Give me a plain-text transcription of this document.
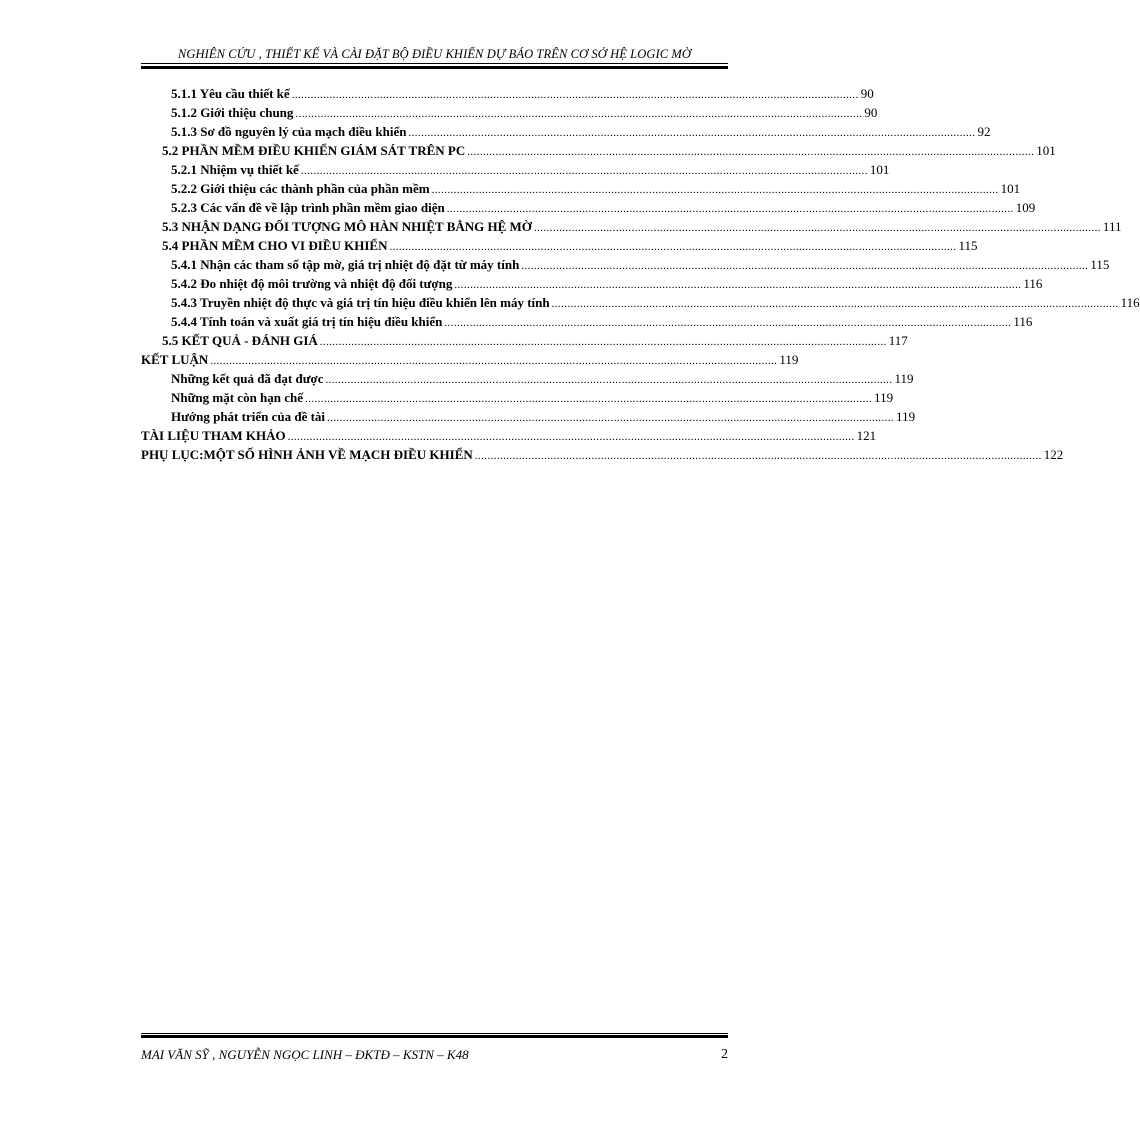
NGHIÊN CỨU , THIẾT KẾ VÀ CÀI ĐẶT BỘ ĐIỀU KHIỂN DỰ BÁO TRÊN CƠ SỞ HỆ LOGIC MỜ
5.1.1 Yêu cầu thiết kế .................................................................................................................................................................................... 90
5.1.2 Giới thiệu chung .................................................................................................................................................................................... 90
5.1.3 Sơ đồ nguyên lý của mạch điều khiển .................................................................................................................................................................................... 92
5.2 PHẦN MỀM ĐIỀU KHIỂN GIÁM SÁT TRÊN PC .................................................................................................................................................................................... 101
5.2.1 Nhiệm vụ thiết kế .................................................................................................................................................................................... 101
5.2.2 Giới thiệu các thành phần của phần mềm .................................................................................................................................................................................... 101
5.2.3 Các vấn đề về lập trình phần mềm giao diện .................................................................................................................................................................................... 109
5.3 NHẬN DẠNG ĐỐI TƯỢNG MÔ HÀN NHIỆT BẰNG HỆ MỜ .................................................................................................................................................................................... 111
5.4 PHẦN MỀM CHO VI ĐIỀU KHIỂN .................................................................................................................................................................................... 115
5.4.1 Nhận các tham số tập mờ, giá trị nhiệt độ đặt từ máy tính .................................................................................................................................................................................... 115
5.4.2 Đo nhiệt độ môi trường và nhiệt độ đối tượng .................................................................................................................................................................................... 116
5.4.3 Truyền nhiệt độ thực và giá trị tín hiệu điều khiển lên máy tính .................................................................................................................................................................................... 116
5.4.4 Tính toán và xuất giá trị tín hiệu điều khiển .................................................................................................................................................................................... 116
5.5 KẾT QUẢ - ĐÁNH GIÁ .................................................................................................................................................................................... 117
KẾT LUẬN .................................................................................................................................................................................... 119
Những kết quả đã đạt được .................................................................................................................................................................................... 119
Những mặt còn hạn chế .................................................................................................................................................................................... 119
Hướng phát triển của đề tài .................................................................................................................................................................................... 119
TÀI LIỆU THAM KHẢO .................................................................................................................................................................................... 121
PHỤ LỤC:MỘT SỐ HÌNH ẢNH VỀ MẠCH ĐIỀU KHIỂN .................................................................................................................................................................................... 122
MAI VĂN SỸ , NGUYỄN NGỌC LINH – ĐKTĐ – KSTN – K48	2
